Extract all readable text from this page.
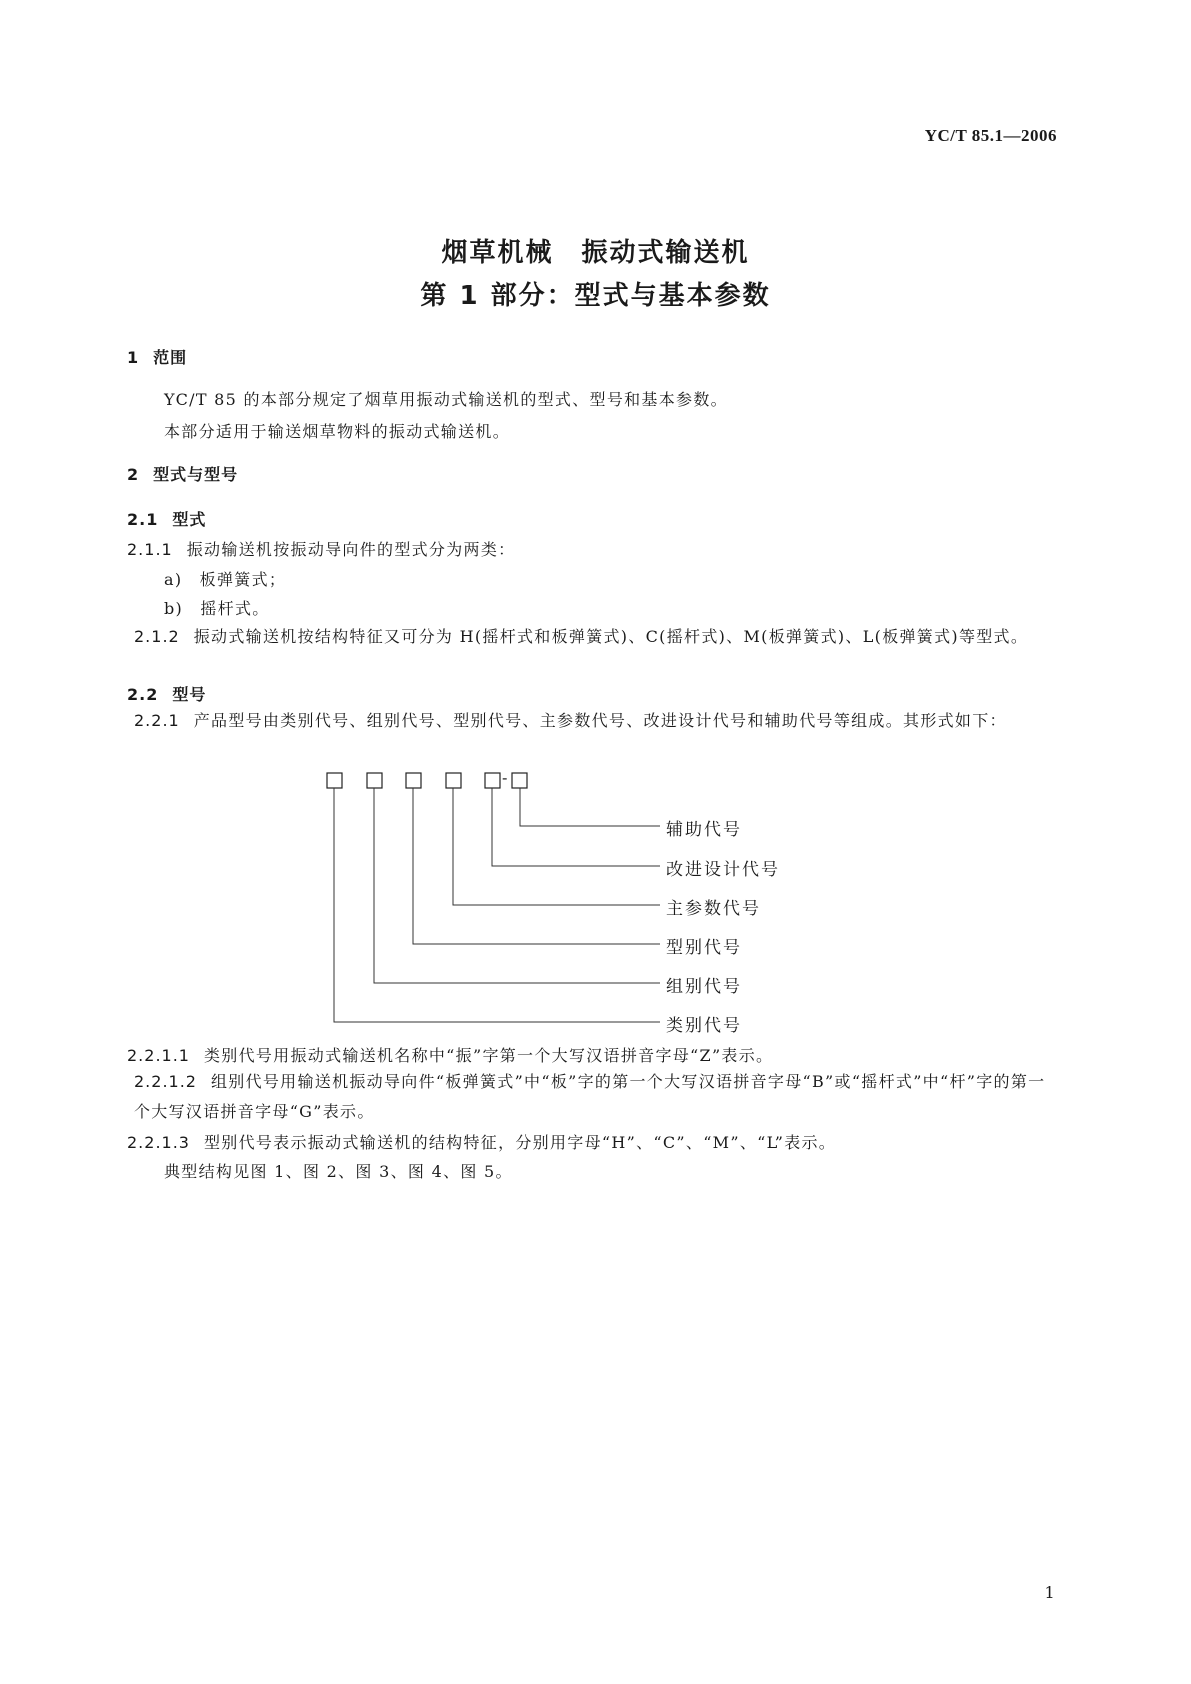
YC/T 85.1—2006
烟草机械　振动式输送机
第 1 部分：型式与基本参数
1 范围
YC/T 85 的本部分规定了烟草用振动式输送机的型式、型号和基本参数。
本部分适用于输送烟草物料的振动式输送机。
2 型式与型号
2.1 型式
2.1.1 振动输送机按振动导向件的型式分为两类：
a)　板弹簧式；
b)　摇杆式。
2.1.2 振动式输送机按结构特征又可分为 H(摇杆式和板弹簧式)、C(摇杆式)、M(板弹簧式)、L(板弹簧式)等型式。
2.2 型号
2.2.1 产品型号由类别代号、组别代号、型别代号、主参数代号、改进设计代号和辅助代号等组成。其形式如下：
-
辅助代号
改进设计代号
主参数代号
型别代号
组别代号
类别代号
2.2.1.1 类别代号用振动式输送机名称中“振”字第一个大写汉语拼音字母“Z”表示。
2.2.1.2 组别代号用输送机振动导向件“板弹簧式”中“板”字的第一个大写汉语拼音字母“B”或“摇杆式”中“杆”字的第一个大写汉语拼音字母“G”表示。
2.2.1.3 型别代号表示振动式输送机的结构特征，分别用字母“H”、“C”、“M”、“L”表示。
典型结构见图 1、图 2、图 3、图 4、图 5。
1
